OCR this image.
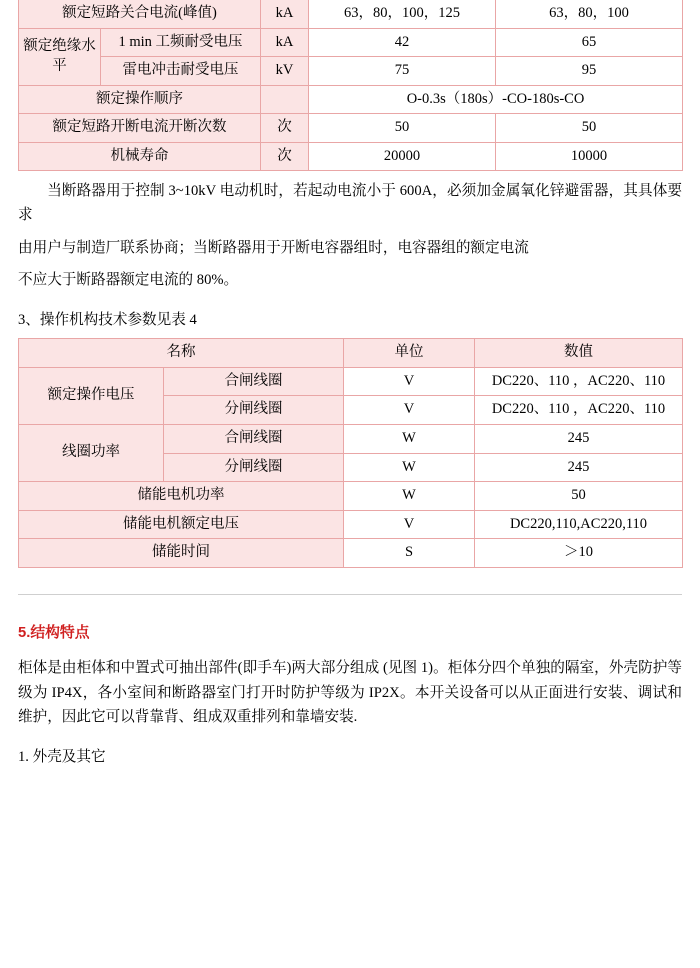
额定短路关合电流(峰值)		kA	63，80，100，125	63，80，100
额定绝缘水平	1 min 工频耐受电压	kA	42	65
	雷电冲击耐受电压	kV	75	95
额定操作顺序			O-0.3s（180s）-CO-180s-CO	
额定短路开断电流开断次数		次	50	50
机械寿命		次	20000	10000

当断路器用于控制 3~10kV 电动机时，若起动电流小于 600A，必须加金属氧化锌避雷器，其具体要求

由用户与制造厂联系协商；当断路器用于开断电容器组时，电容器组的额定电流

不应大于断路器额定电流的 80%。

3、操作机构技术参数见表 4

名称		单位	数值
额定操作电压	合闸线圈	V	DC220、110 ，AC220、110
	分闸线圈	V	DC220、110 ，AC220、110
线圈功率	合闸线圈	W	245
	分闸线圈	W	245
储能电机功率		W	50
储能电机额定电压		V	DC220,110,AC220,110
储能时间		S	＞10

5.结构特点

柜体是由柜体和中置式可抽出部件(即手车)两大部分组成 (见图 1)。柜体分四个单独的隔室，外壳防护等级为 IP4X，各小室间和断路器室门打开时防护等级为 IP2X。本开关设备可以从正面进行安装、调试和维护，因此它可以背靠背、组成双重排列和靠墙安装.

1. 外壳及其它
